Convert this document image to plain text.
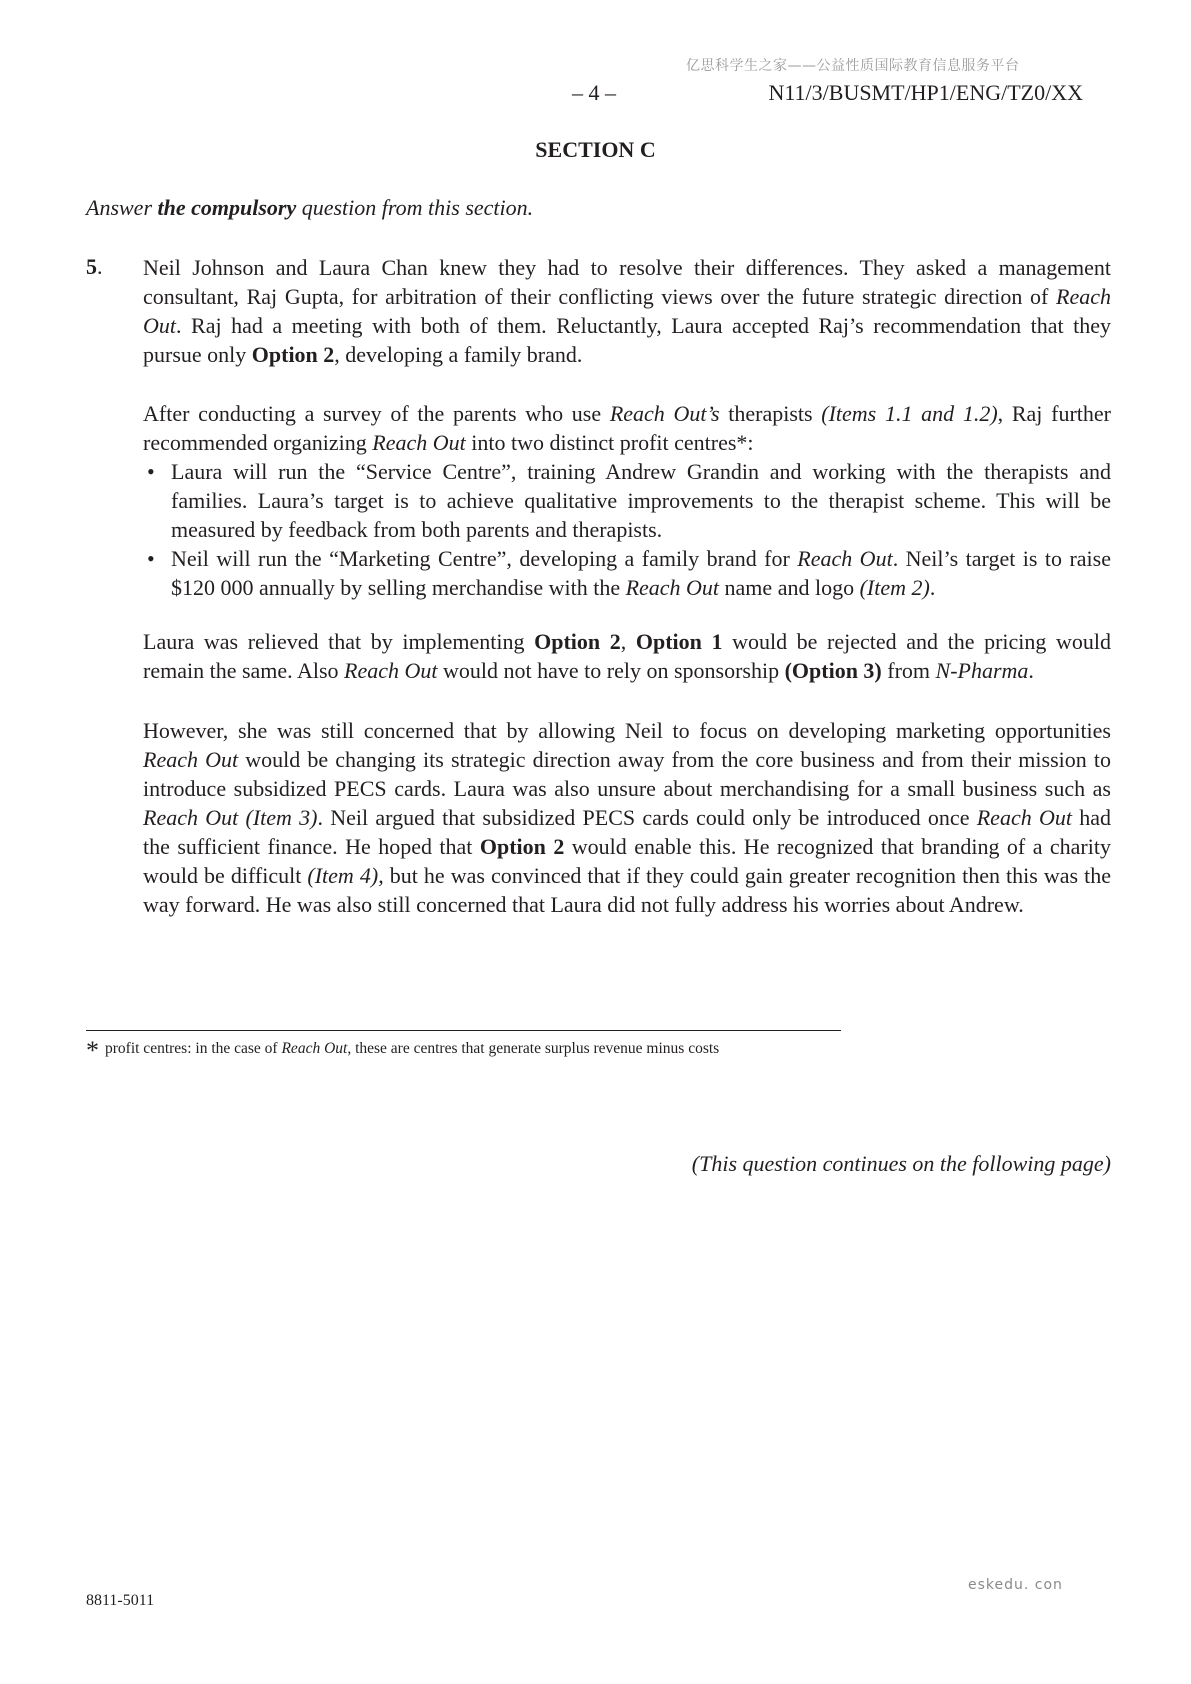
亿思科学生之家——公益性质国际教育信息服务平台
– 4 –	N11/3/BUSMT/HP1/ENG/TZ0/XX
SECTION C
Answer the compulsory question from this section.
5. Neil Johnson and Laura Chan knew they had to resolve their differences. They asked a management consultant, Raj Gupta, for arbitration of their conflicting views over the future strategic direction of Reach Out. Raj had a meeting with both of them. Reluctantly, Laura accepted Raj’s recommendation that they pursue only Option 2, developing a family brand.

After conducting a survey of the parents who use Reach Out’s therapists (Items 1.1 and 1.2), Raj further recommended organizing Reach Out into two distinct profit centres*:

• Laura will run the “Service Centre”, training Andrew Grandin and working with the therapists and families. Laura’s target is to achieve qualitative improvements to the therapist scheme. This will be measured by feedback from both parents and therapists.
• Neil will run the “Marketing Centre”, developing a family brand for Reach Out. Neil’s target is to raise $120 000 annually by selling merchandise with the Reach Out name and logo (Item 2).

Laura was relieved that by implementing Option 2, Option 1 would be rejected and the pricing would remain the same. Also Reach Out would not have to rely on sponsorship (Option 3) from N-Pharma.

However, she was still concerned that by allowing Neil to focus on developing marketing opportunities Reach Out would be changing its strategic direction away from the core business and from their mission to introduce subsidized PECS cards. Laura was also unsure about merchandising for a small business such as Reach Out (Item 3). Neil argued that subsidized PECS cards could only be introduced once Reach Out had the sufficient finance. He hoped that Option 2 would enable this. He recognized that branding of a charity would be difficult (Item 4), but he was convinced that if they could gain greater recognition then this was the way forward. He was also still concerned that Laura did not fully address his worries about Andrew.

* profit centres: in the case of Reach Out, these are centres that generate surplus revenue minus costs
(This question continues on the following page)
8811-5011
eskedu. con
